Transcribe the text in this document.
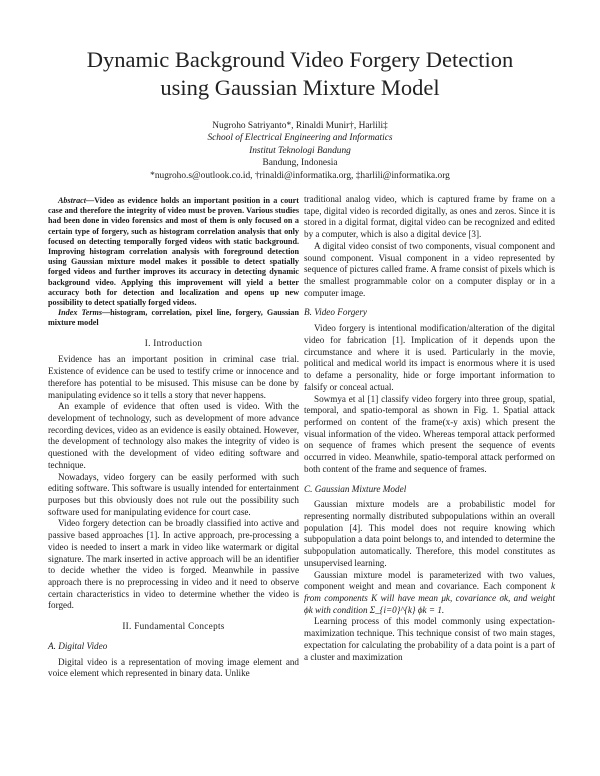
Dynamic Background Video Forgery Detection
using Gaussian Mixture Model
Nugroho Satriyanto*, Rinaldi Munir†, Harlili‡
School of Electrical Engineering and Informatics
Institut Teknologi Bandung
Bandung, Indonesia
*nugroho.s@outlook.co.id, †rinaldi@informatika.org, ‡harlili@informatika.org

Abstract—Video as evidence holds an important position in a court case and therefore the integrity of video must be proven. Various studies had been done in video forensics and most of them is only focused on a certain type of forgery, such as histogram correlation analysis that only focused on detecting temporally forged videos with static background. Improving histogram correlation analysis with foreground detection using Gaussian mixture model makes it possible to detect spatially forged videos and further improves its accuracy in detecting dynamic background video. Applying this improvement will yield a better accuracy both for detection and localization and opens up new possibility to detect spatially forged videos.

Index Terms—histogram, correlation, pixel line, forgery, Gaussian mixture model

I. Introduction

Evidence has an important position in criminal case trial. Existence of evidence can be used to testify crime or innocence and therefore has potential to be misused. This misuse can be done by manipulating evidence so it tells a story that never happens.

An example of evidence that often used is video. With the development of technology, such as development of more advance recording devices, video as an evidence is easily obtained. However, the development of technology also makes the integrity of video is questioned with the development of video editing software and technique.

Nowadays, video forgery can be easily performed with such editing software. This software is usually intended for entertainment purposes but this obviously does not rule out the possibility such software used for manipulating evidence for court case.

Video forgery detection can be broadly classified into active and passive based approaches [1]. In active approach, pre-processing a video is needed to insert a mark in video like watermark or digital signature. The mark inserted in active approach will be an identifier to decide whether the video is forged. Meanwhile in passive approach there is no preprocessing in video and it need to observe certain characteristics in video to determine whether the video is forged.

II. Fundamental Concepts
A. Digital Video

Digital video is a representation of moving image element and voice element which represented in binary data. Unlike

traditional analog video, which is captured frame by frame on a tape, digital video is recorded digitally, as ones and zeros. Since it is stored in a digital format, digital video can be recognized and edited by a computer, which is also a digital device [3].

A digital video consist of two components, visual component and sound component. Visual component in a video represented by sequence of pictures called frame. A frame consist of pixels which is the smallest programmable color on a computer display or in a computer image.

B. Video Forgery

Video forgery is intentional modification/alteration of the digital video for fabrication [1]. Implication of it depends upon the circumstance and where it is used. Particularly in the movie, political and medical world its impact is enormous where it is used to defame a personality, hide or forge important information to falsify or conceal actual.

Sowmya et al [1] classify video forgery into three group, spatial, temporal, and spatio-temporal as shown in Fig. 1. Spatial attack performed on content of the frame(x-y axis) which present the visual information of the video. Whereas temporal attack performed on sequence of frames which present the sequence of events occurred in video. Meanwhile, spatio-temporal attack performed on both content of the frame and sequence of frames.

C. Gaussian Mixture Model

Gaussian mixture models are a probabilistic model for representing normally distributed subpopulations within an overall population [4]. This model does not require knowing which subpopulation a data point belongs to, and intended to determine the subpopulation automatically. Therefore, this model constitutes as unsupervised learning.

Gaussian mixture model is parameterized with two values, component weight and mean and covariance. Each component k from components K will have mean μk, covariance σk, and weight ϕk with condition Σ_{i=0}^{k} ϕk = 1.

Learning process of this model commonly using expectation-maximization technique. This technique consist of two main stages, expectation for calculating the probability of a data point is a part of a cluster and maximization
